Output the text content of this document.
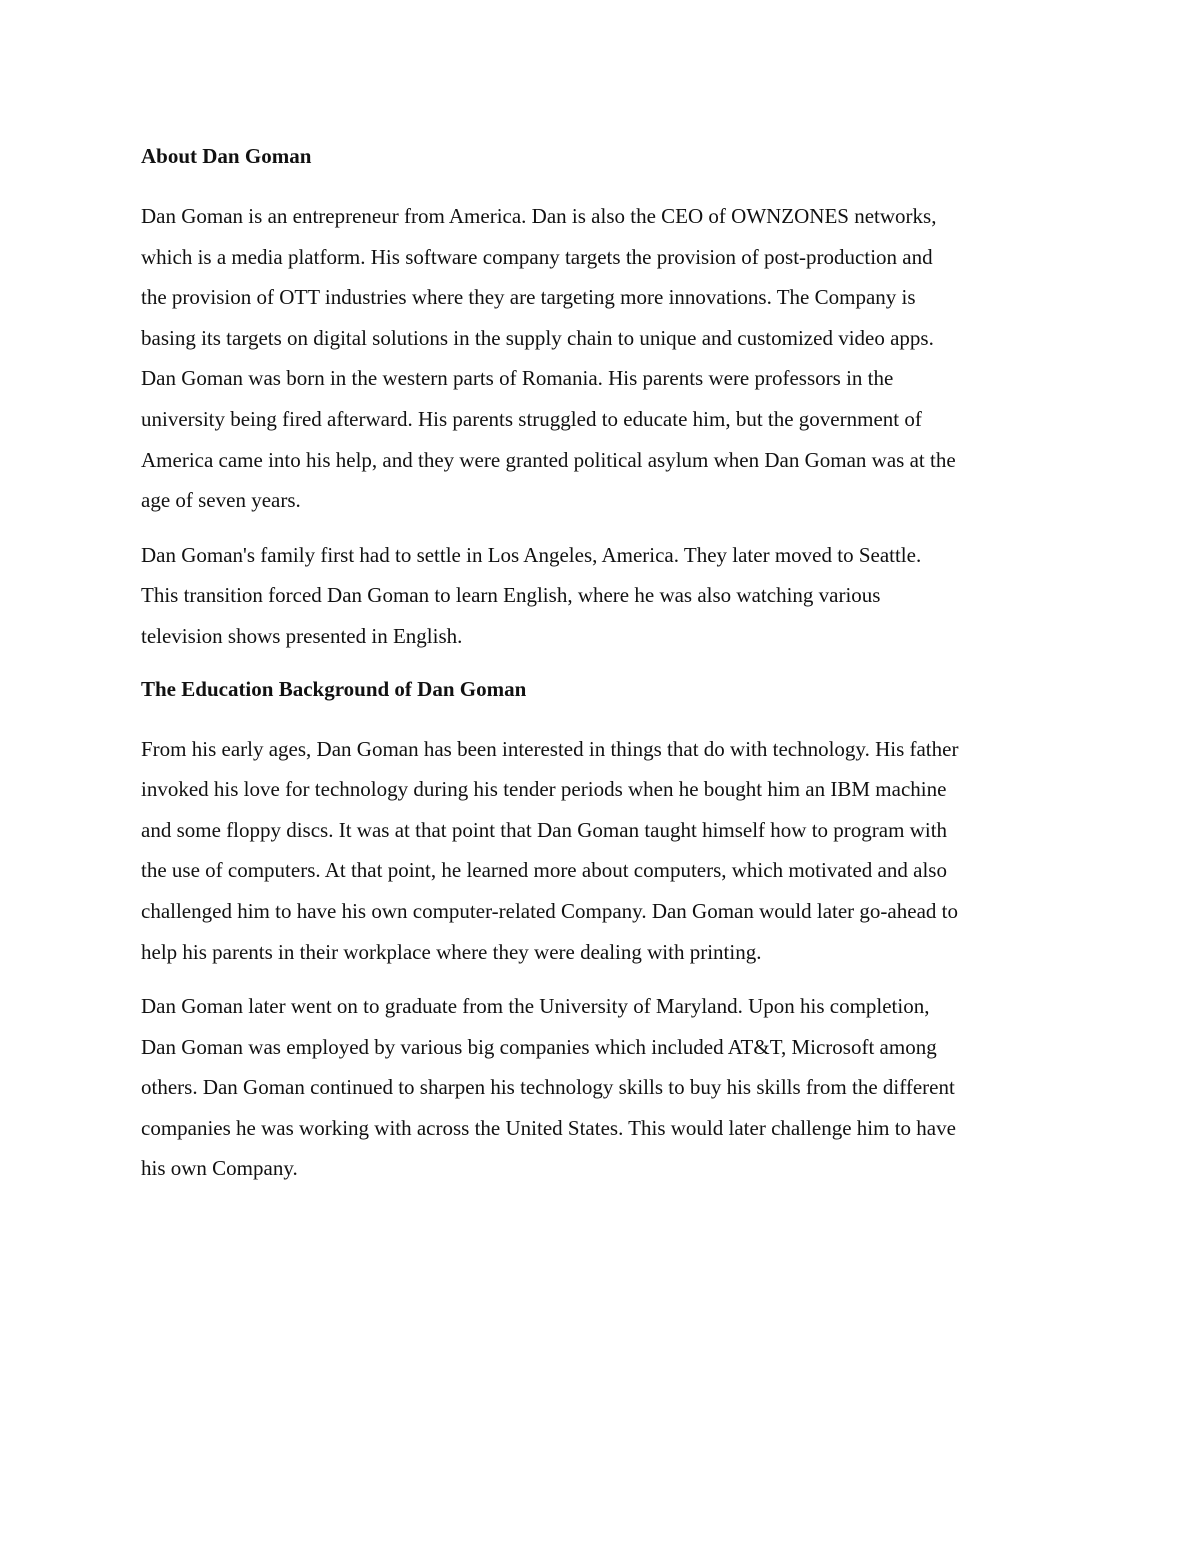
About Dan Goman

Dan Goman is an entrepreneur from America. Dan is also the CEO of OWNZONES networks,
which is a media platform. His software company targets the provision of post-production and
the provision of OTT industries where they are targeting more innovations. The Company is
basing its targets on digital solutions in the supply chain to unique and customized video apps.
Dan Goman was born in the western parts of Romania. His parents were professors in the
university being fired afterward. His parents struggled to educate him, but the government of
America came into his help, and they were granted political asylum when Dan Goman was at the
age of seven years.

Dan Goman's family first had to settle in Los Angeles, America. They later moved to Seattle.
This transition forced Dan Goman to learn English, where he was also watching various
television shows presented in English.

The Education Background of Dan Goman

From his early ages, Dan Goman has been interested in things that do with technology. His father
invoked his love for technology during his tender periods when he bought him an IBM machine
and some floppy discs. It was at that point that Dan Goman taught himself how to program with
the use of computers. At that point, he learned more about computers, which motivated and also
challenged him to have his own computer-related Company. Dan Goman would later go-ahead to
help his parents in their workplace where they were dealing with printing.

Dan Goman later went on to graduate from the University of Maryland. Upon his completion,
Dan Goman was employed by various big companies which included AT&T, Microsoft among
others. Dan Goman continued to sharpen his technology skills to buy his skills from the different
companies he was working with across the United States. This would later challenge him to have
his own Company.
